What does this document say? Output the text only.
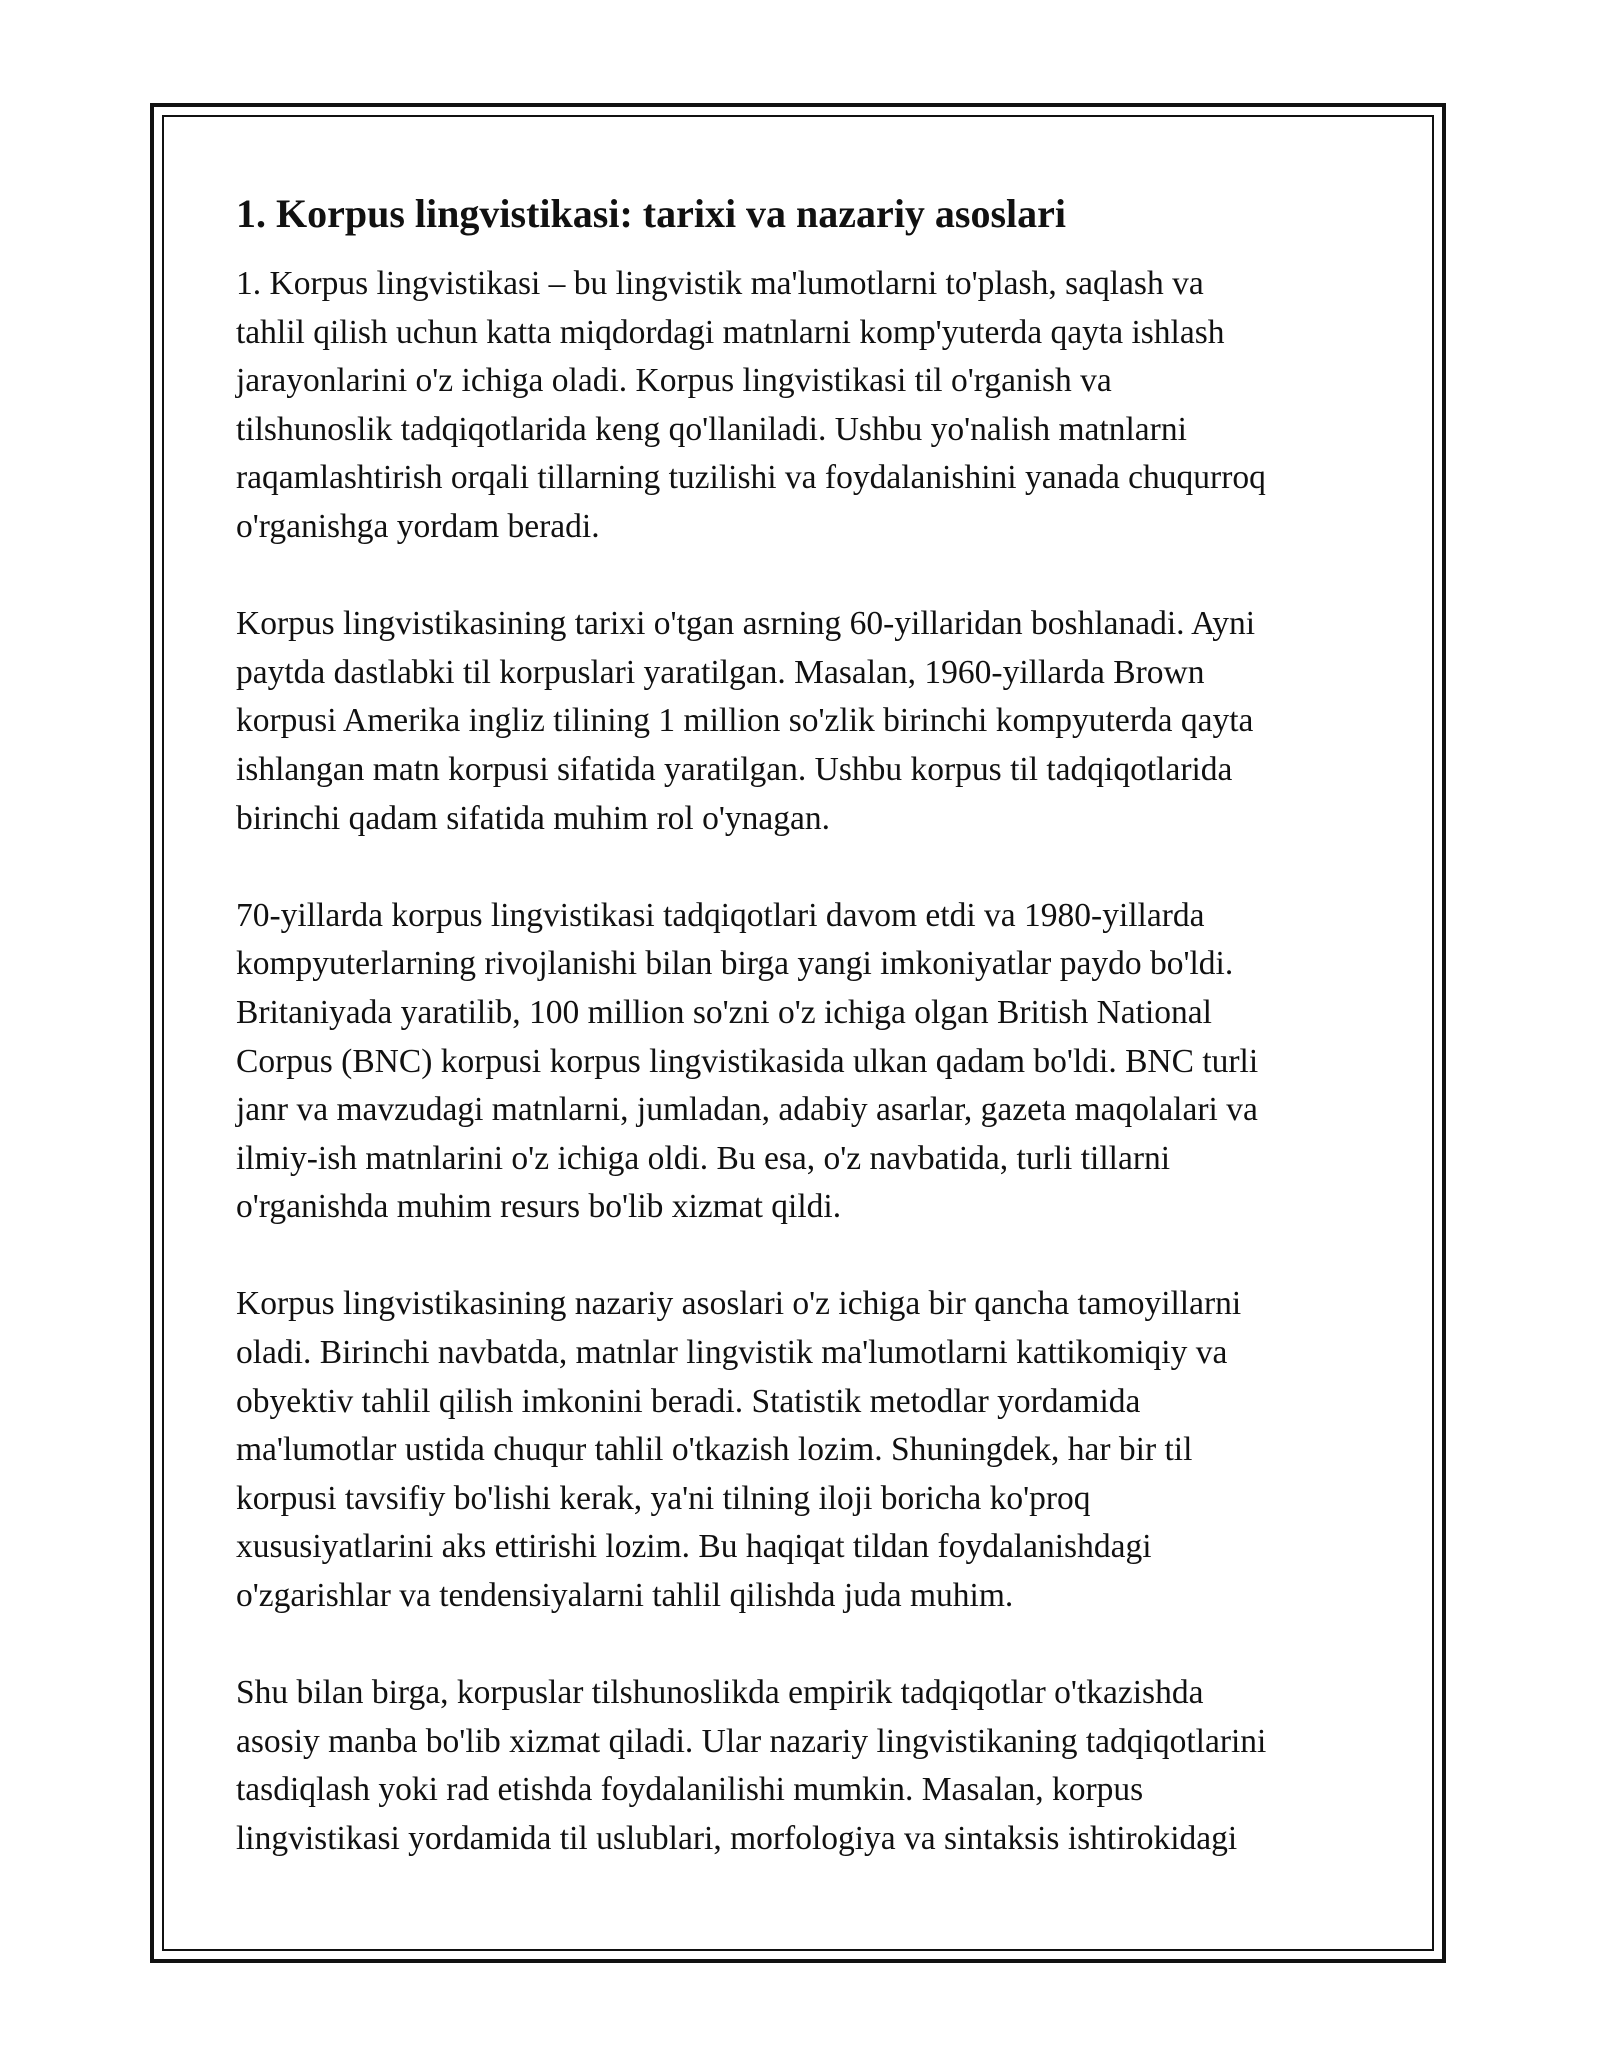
1. Korpus lingvistikasi: tarixi va nazariy asoslari

1. Korpus lingvistikasi – bu lingvistik ma'lumotlarni to'plash, saqlash va
tahlil qilish uchun katta miqdordagi matnlarni komp'yuterda qayta ishlash
jarayonlarini o'z ichiga oladi. Korpus lingvistikasi til o'rganish va
tilshunoslik tadqiqotlarida keng qo'llaniladi. Ushbu yo'nalish matnlarni
raqamlashtirish orqali tillarning tuzilishi va foydalanishini yanada chuqurroq
o'rganishga yordam beradi.

Korpus lingvistikasining tarixi o'tgan asrning 60-yillaridan boshlanadi. Ayni
paytda dastlabki til korpuslari yaratilgan. Masalan, 1960-yillarda Brown
korpusi Amerika ingliz tilining 1 million so'zlik birinchi kompyuterda qayta
ishlangan matn korpusi sifatida yaratilgan. Ushbu korpus til tadqiqotlarida
birinchi qadam sifatida muhim rol o'ynagan.

70-yillarda korpus lingvistikasi tadqiqotlari davom etdi va 1980-yillarda
kompyuterlarning rivojlanishi bilan birga yangi imkoniyatlar paydo bo'ldi.
Britaniyada yaratilib, 100 million so'zni o'z ichiga olgan British National
Corpus (BNC) korpusi korpus lingvistikasida ulkan qadam bo'ldi. BNC turli
janr va mavzudagi matnlarni, jumladan, adabiy asarlar, gazeta maqolalari va
ilmiy-ish matnlarini o'z ichiga oldi. Bu esa, o'z navbatida, turli tillarni
o'rganishda muhim resurs bo'lib xizmat qildi.

Korpus lingvistikasining nazariy asoslari o'z ichiga bir qancha tamoyillarni
oladi. Birinchi navbatda, matnlar lingvistik ma'lumotlarni kattikomiqiy va
obyektiv tahlil qilish imkonini beradi. Statistik metodlar yordamida
ma'lumotlar ustida chuqur tahlil o'tkazish lozim. Shuningdek, har bir til
korpusi tavsifiy bo'lishi kerak, ya'ni tilning iloji boricha ko'proq
xususiyatlarini aks ettirishi lozim. Bu haqiqat tildan foydalanishdagi
o'zgarishlar va tendensiyalarni tahlil qilishda juda muhim.

Shu bilan birga, korpuslar tilshunoslikda empirik tadqiqotlar o'tkazishda
asosiy manba bo'lib xizmat qiladi. Ular nazariy lingvistikaning tadqiqotlarini
tasdiqlash yoki rad etishda foydalanilishi mumkin. Masalan, korpus
lingvistikasi yordamida til uslublari, morfologiya va sintaksis ishtirokidagi
